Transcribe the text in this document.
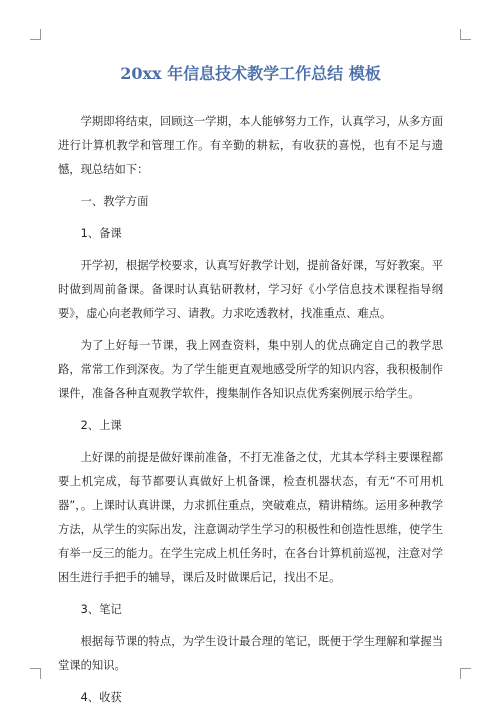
20xx 年信息技术教学工作总结 模板

学期即将结束，回顾这一学期，本人能够努力工作，认真学习，从多方面进行计算机教学和管理工作。有辛勤的耕耘，有收获的喜悦，也有不足与遗憾，现总结如下：

一、教学方面

1、备课

开学初，根据学校要求，认真写好教学计划，提前备好课，写好教案。平时做到周前备课。备课时认真钻研教材，学习好《小学信息技术课程指导纲要》，虚心向老教师学习、请教。力求吃透教材，找准重点、难点。

为了上好每一节课，我上网查资料，集中别人的优点确定自己的教学思路，常常工作到深夜。为了学生能更直观地感受所学的知识内容，我积极制作课件，准备各种直观教学软件，搜集制作各知识点优秀案例展示给学生。

2、上课

上好课的前提是做好课前准备，不打无准备之仗，尤其本学科主要课程都要上机完成，每节都要认真做好上机备课，检查机器状态，有无“不可用机器”，。上课时认真讲课，力求抓住重点，突破难点，精讲精练。运用多种教学方法，从学生的实际出发，注意调动学生学习的积极性和创造性思维，使学生有举一反三的能力。在学生完成上机任务时，在各台计算机前巡视，注意对学困生进行手把手的辅导，课后及时做课后记，找出不足。

3、笔记

根据每节课的特点，为学生设计最合理的笔记，既便于学生理解和掌握当堂课的知识。

4、收获
